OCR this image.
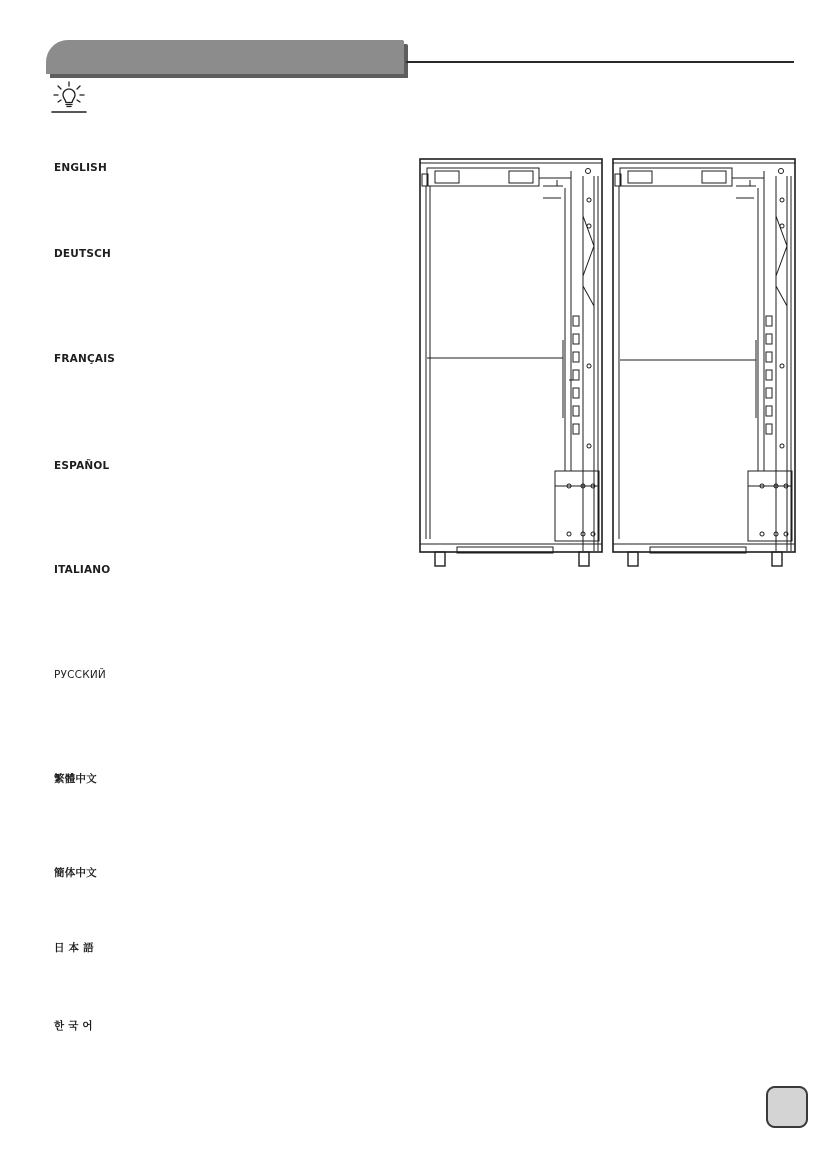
ENGLISH
DEUTSCH
FRANÇAIS
ESPAÑOL
ITALIANO
PУССКИЙ
繁體中文
簡体中文
日 本 語
한 국 어
